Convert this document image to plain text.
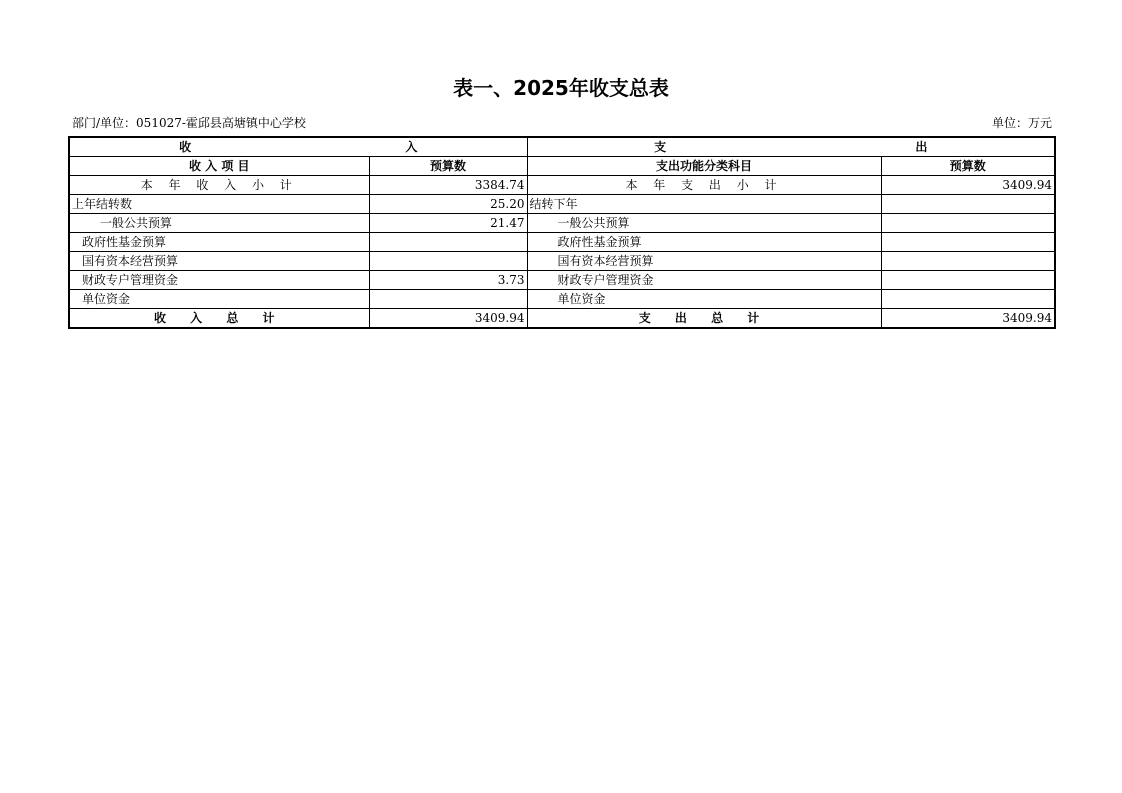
表一、2025年收支总表
部门/单位：051027-霍邱县高塘镇中心学校	单位：万元
收 入		支 出	

收 入 项 目	预算数	支出功能分类科目	预算数
本 年 收 入 小 计	3384.74	本 年 支 出 小 计	3409.94
上年结转数	25.20	结转下年	
一般公共预算	21.47	一般公共预算	
政府性基金预算		政府性基金预算	
国有资本经营预算		国有资本经营预算	
财政专户管理资金	3.73	财政专户管理资金	
单位资金		单位资金	
收 入 总 计	3409.94	支 出 总 计	3409.94
